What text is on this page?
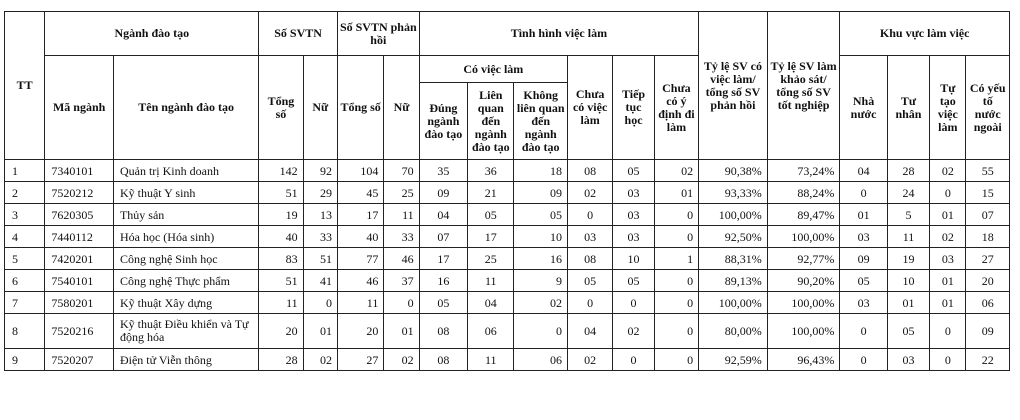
TT	Ngành đào tạo		Số SVTN		Số SVTN phản hồi		Tình hình việc làm						Tỷ lệ SV có việc làm/ tổng số SV phản hồi	Tỷ lệ SV làm khảo sát/ tổng số SV tốt nghiệp	Khu vực làm việc			
	Mã ngành	Tên ngành đào tạo	Tổng số	Nữ	Tổng số	Nữ	Có việc làm			Chưa có việc làm	Tiếp tục học	Chưa có ý định đi làm			Nhà nước	Tư nhân	Tự tạo việc làm	Có yếu tố nước ngoài
							Đúng ngành đào tạo	Liên quan đến ngành đào tạo	Không liên quan đến ngành đào tạo									
1	7340101	Quản trị Kinh doanh	142	92	104	70	35	36	18	08	05	02	90,38%	73,24%	04	28	02	55
2	7520212	Kỹ thuật Y sinh	51	29	45	25	09	21	09	02	03	01	93,33%	88,24%	0	24	0	15
3	7620305	Thủy sản	19	13	17	11	04	05	05	0	03	0	100,00%	89,47%	01	5	01	07
4	7440112	Hóa học (Hóa sinh)	40	33	40	33	07	17	10	03	03	0	92,50%	100,00%	03	11	02	18
5	7420201	Công nghệ Sinh học	83	51	77	46	17	25	16	08	10	1	88,31%	92,77%	09	19	03	27
6	7540101	Công nghệ Thực phẩm	51	41	46	37	16	11	9	05	05	0	89,13%	90,20%	05	10	01	20
7	7580201	Kỹ thuật Xây dựng	11	0	11	0	05	04	02	0	0	0	100,00%	100,00%	03	01	01	06
8	7520216	Kỹ thuật Điều khiển và Tự động hóa	20	01	20	01	08	06	0	04	02	0	80,00%	100,00%	0	05	0	09
9	7520207	Điện tử Viễn thông	28	02	27	02	08	11	06	02	0	0	92,59%	96,43%	0	03	0	22
